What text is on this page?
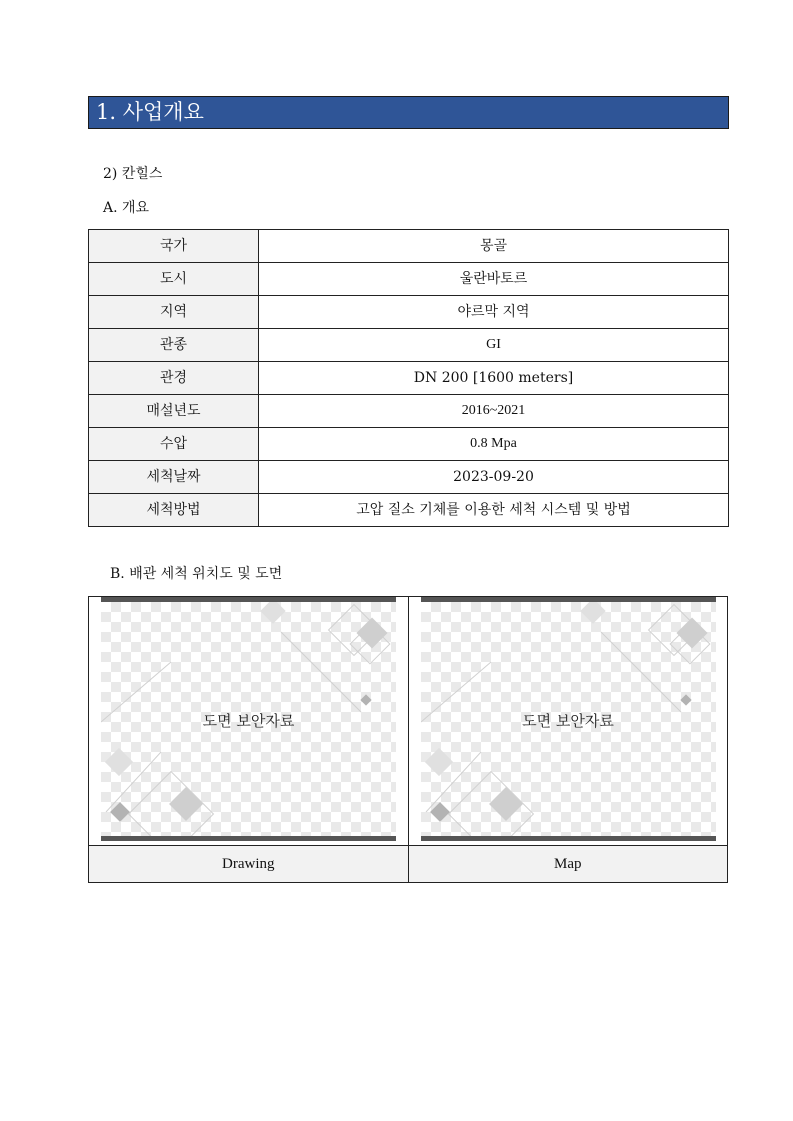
1. 사업개요
2) 칸힐스
A. 개요
국가	몽골
도시	울란바토르
지역	야르막 지역
관종	GI
관경	DN 200 [1600 meters]
매설년도	2016~2021
수압	0.8 Mpa
세척날짜	2023-09-20
세척방법	고압 질소 기체를 이용한 세척 시스템 및 방법
B. 배관 세척 위치도 및 도면
도면 보안자료	도면 보안자료

Drawing	Map
